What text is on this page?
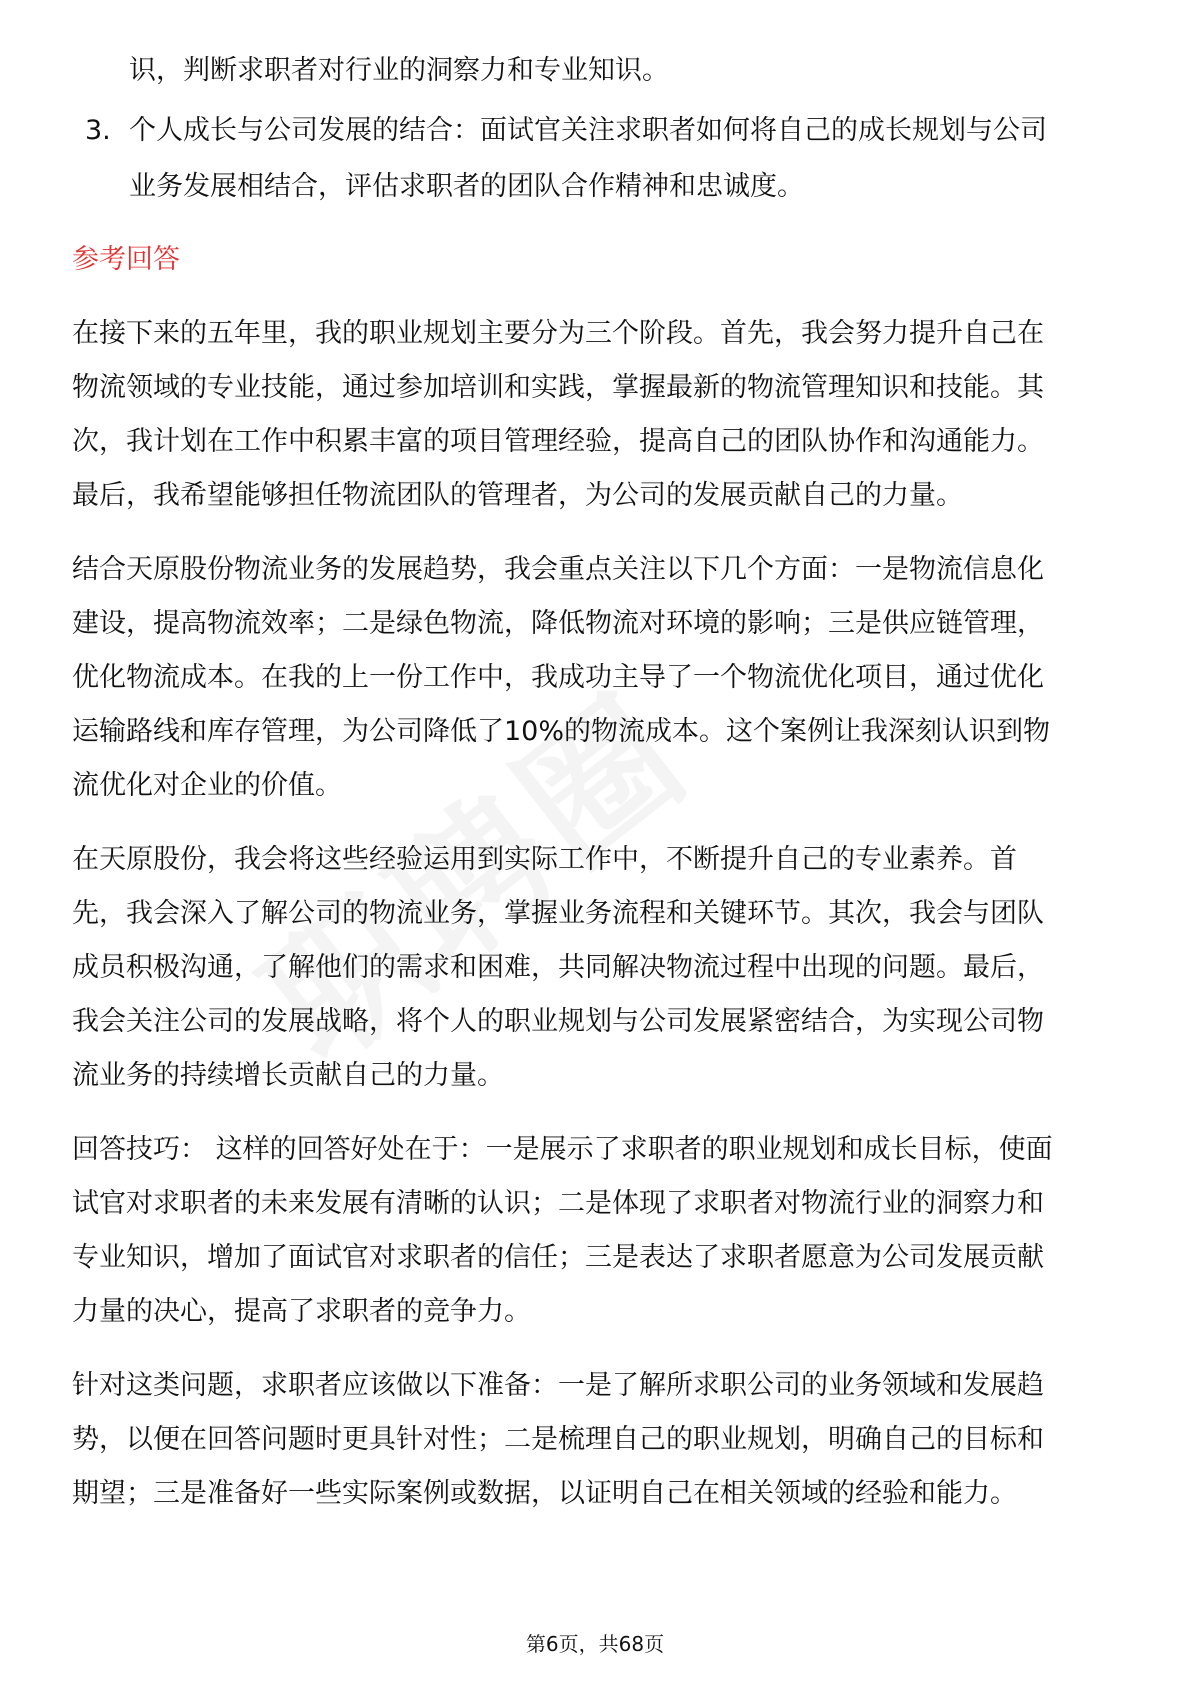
识，判断求职者对行业的洞察力和专业知识。
3. 个人成长与公司发展的结合：面试官关注求职者如何将自己的成长规划与公司
业务发展相结合，评估求职者的团队合作精神和忠诚度。
参考回答
在接下来的五年里，我的职业规划主要分为三个阶段。首先，我会努力提升自己在
物流领域的专业技能，通过参加培训和实践，掌握最新的物流管理知识和技能。其
次，我计划在工作中积累丰富的项目管理经验，提高自己的团队协作和沟通能力。
最后，我希望能够担任物流团队的管理者，为公司的发展贡献自己的力量。
结合天原股份物流业务的发展趋势，我会重点关注以下几个方面：一是物流信息化
建设，提高物流效率；二是绿色物流，降低物流对环境的影响；三是供应链管理，
优化物流成本。在我的上一份工作中，我成功主导了一个物流优化项目，通过优化
运输路线和库存管理，为公司降低了10%的物流成本。这个案例让我深刻认识到物
流优化对企业的价值。
在天原股份，我会将这些经验运用到实际工作中，不断提升自己的专业素养。首
先，我会深入了解公司的物流业务，掌握业务流程和关键环节。其次，我会与团队
成员积极沟通，了解他们的需求和困难，共同解决物流过程中出现的问题。最后，
我会关注公司的发展战略，将个人的职业规划与公司发展紧密结合，为实现公司物
流业务的持续增长贡献自己的力量。
回答技巧： 这样的回答好处在于：一是展示了求职者的职业规划和成长目标，使面
试官对求职者的未来发展有清晰的认识；二是体现了求职者对物流行业的洞察力和
专业知识，增加了面试官对求职者的信任；三是表达了求职者愿意为公司发展贡献
力量的决心，提高了求职者的竞争力。
针对这类问题，求职者应该做以下准备：一是了解所求职公司的业务领域和发展趋
势，以便在回答问题时更具针对性；二是梳理自己的职业规划，明确自己的目标和
期望；三是准备好一些实际案例或数据，以证明自己在相关领域的经验和能力。
第6页，共68页
